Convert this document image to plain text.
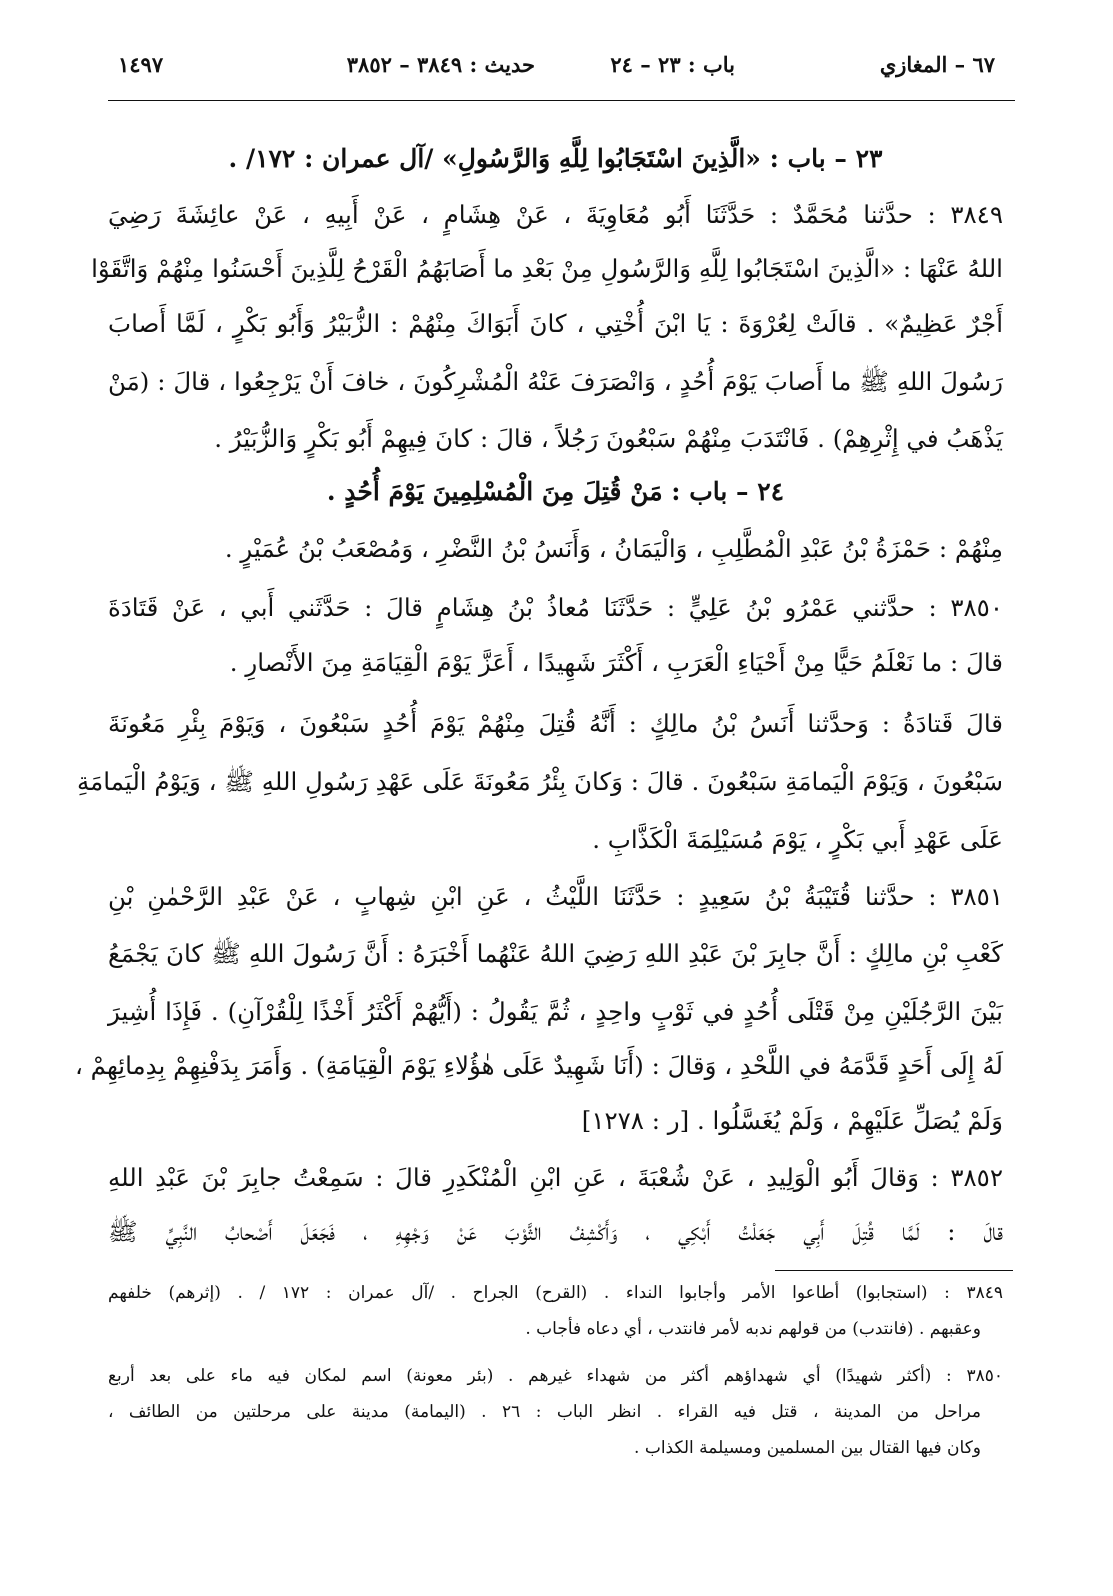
٦٧ – المغازي
باب : ٢٣ – ٢٤
حديث : ٣٨٤٩ – ٣٨٥٢
١٤٩٧
٢٣ – باب : «الَّذِينَ اسْتَجَابُوا لِلَّهِ وَالرَّسُولِ» /آل عمران : ١٧٢/ .
٣٨٤٩ : حدَّثنا مُحَمَّدٌ : حَدَّثَنَا أَبُو مُعَاوِيَةَ ، عَنْ هِشَامٍ ، عَنْ أَبِيهِ ، عَنْ عائِشَةَ رَضِيَ
اللهُ عَنْهَا : «الَّذِينَ اسْتَجَابُوا لِلَّهِ وَالرَّسُولِ مِنْ بَعْدِ ما أَصَابَهُمُ الْقَرْحُ لِلَّذِينَ أَحْسَنُوا مِنْهُمْ وَاتَّقَوْا
أَجْرٌ عَظِيمٌ» . قالَتْ لِعُرْوَةَ : يَا ابْنَ أُخْتِي ، كانَ أَبَوَاكَ مِنْهُمْ : الزُّبَيْرُ وَأَبُو بَكْرٍ ، لَمَّا أَصابَ
رَسُولَ اللهِ ﷺ ما أَصابَ يَوْمَ أُحُدٍ ، وَانْصَرَفَ عَنْهُ الْمُشْرِكُونَ ، خافَ أَنْ يَرْجِعُوا ، قالَ : (مَنْ
يَذْهَبُ في إِثْرِهِمْ) . فَانْتَدَبَ مِنْهُمْ سَبْعُونَ رَجُلاً ، قالَ : كانَ فِيهِمْ أَبُو بَكْرٍ وَالزُّبَيْرُ .
٢٤ – باب : مَنْ قُتِلَ مِنَ الْمُسْلِمِينَ يَوْمَ أُحُدٍ .
مِنْهُمْ : حَمْزَةُ بْنُ عَبْدِ الْمُطَّلِبِ ، وَالْيَمَانُ ، وَأَنَسُ بْنُ النَّضْرِ ، وَمُصْعَبُ بْنُ عُمَيْرٍ .
٣٨٥٠ : حدَّثني عَمْرُو بْنُ عَلِيٍّ : حَدَّثَنَا مُعاذُ بْنُ هِشَامٍ قالَ : حَدَّثَني أَبي ، عَنْ قَتَادَةَ
قالَ : ما نَعْلَمُ حَيًّا مِنْ أَحْيَاءِ الْعَرَبِ ، أَكْثَرَ شَهِيدًا ، أَعَزَّ يَوْمَ الْقِيَامَةِ مِنَ الأَنْصارِ .
قالَ قَتادَةُ : وَحدَّثنا أَنَسُ بْنُ مالِكٍ : أَنَّهُ قُتِلَ مِنْهُمْ يَوْمَ أُحُدٍ سَبْعُونَ ، وَيَوْمَ بِئْرِ مَعُونَةَ
سَبْعُونَ ، وَيَوْمَ الْيَمامَةِ سَبْعُونَ . قالَ : وَكانَ بِئْرُ مَعُونَةَ عَلَى عَهْدِ رَسُولِ اللهِ ﷺ ، وَيَوْمُ الْيَمامَةِ
عَلَى عَهْدِ أَبي بَكْرٍ ، يَوْمَ مُسَيْلِمَةَ الْكَذَّابِ .
٣٨٥١ : حدَّثنا قُتَيْبَةُ بْنُ سَعِيدٍ : حَدَّثَنَا اللَّيْثُ ، عَنِ ابْنِ شِهابٍ ، عَنْ عَبْدِ الرَّحْمٰنِ بْنِ
كَعْبِ بْنِ مالِكٍ : أَنَّ جابِرَ بْنَ عَبْدِ اللهِ رَضِيَ اللهُ عَنْهُما أَخْبَرَهُ : أَنَّ رَسُولَ اللهِ ﷺ كانَ يَجْمَعُ
بَيْنَ الرَّجُلَيْنِ مِنْ قَتْلَى أُحُدٍ في ثَوْبٍ واحِدٍ ، ثُمَّ يَقُولُ : (أَيُّهُمْ أَكْثَرُ أَخْذًا لِلْقُرْآنِ) . فَإِذَا أُشِيرَ
لَهُ إِلَى أَحَدٍ قَدَّمَهُ في اللَّحْدِ ، وَقالَ : (أَنَا شَهِيدٌ عَلَى هٰؤُلاءِ يَوْمَ الْقِيَامَةِ) . وَأَمَرَ بِدَفْنِهِمْ بِدِمائِهِمْ ،
وَلَمْ يُصَلِّ عَلَيْهِمْ ، وَلَمْ يُغَسَّلُوا . [ر : ١٢٧٨]
٣٨٥٢ : وَقالَ أَبُو الْوَلِيدِ ، عَنْ شُعْبَةَ ، عَنِ ابْنِ الْمُنْكَدِرِ قالَ : سَمِعْتُ جابِرَ بْنَ عَبْدِ اللهِ
قالَ : لَمَّا قُتِلَ أَبِي جَعَلْتُ أَبْكِي ، وَأَكْشِفُ الثَّوْبَ عَنْ وَجْهِهِ ، فَجَعَلَ أَصْحابُ النَّبِيِّ ﷺ
٣٨٤٩ : (استجابوا) أطاعوا الأمر وأجابوا النداء . (القرح) الجراح . /آل عمران : ١٧٢ / . (إثرهم) خلفهم
وعقبهم . (فانتدب) من قولهم ندبه لأمر فانتدب ، أي دعاه فأجاب .
٣٨٥٠ : (أكثر شهيدًا) أي شهداؤهم أكثر من شهداء غيرهم . (بئر معونة) اسم لمكان فيه ماء على بعد أربع
مراحل من المدينة ، قتل فيه القراء . انظر الباب : ٢٦ . (اليمامة) مدينة على مرحلتين من الطائف ،
وكان فيها القتال بين المسلمين ومسيلمة الكذاب .
